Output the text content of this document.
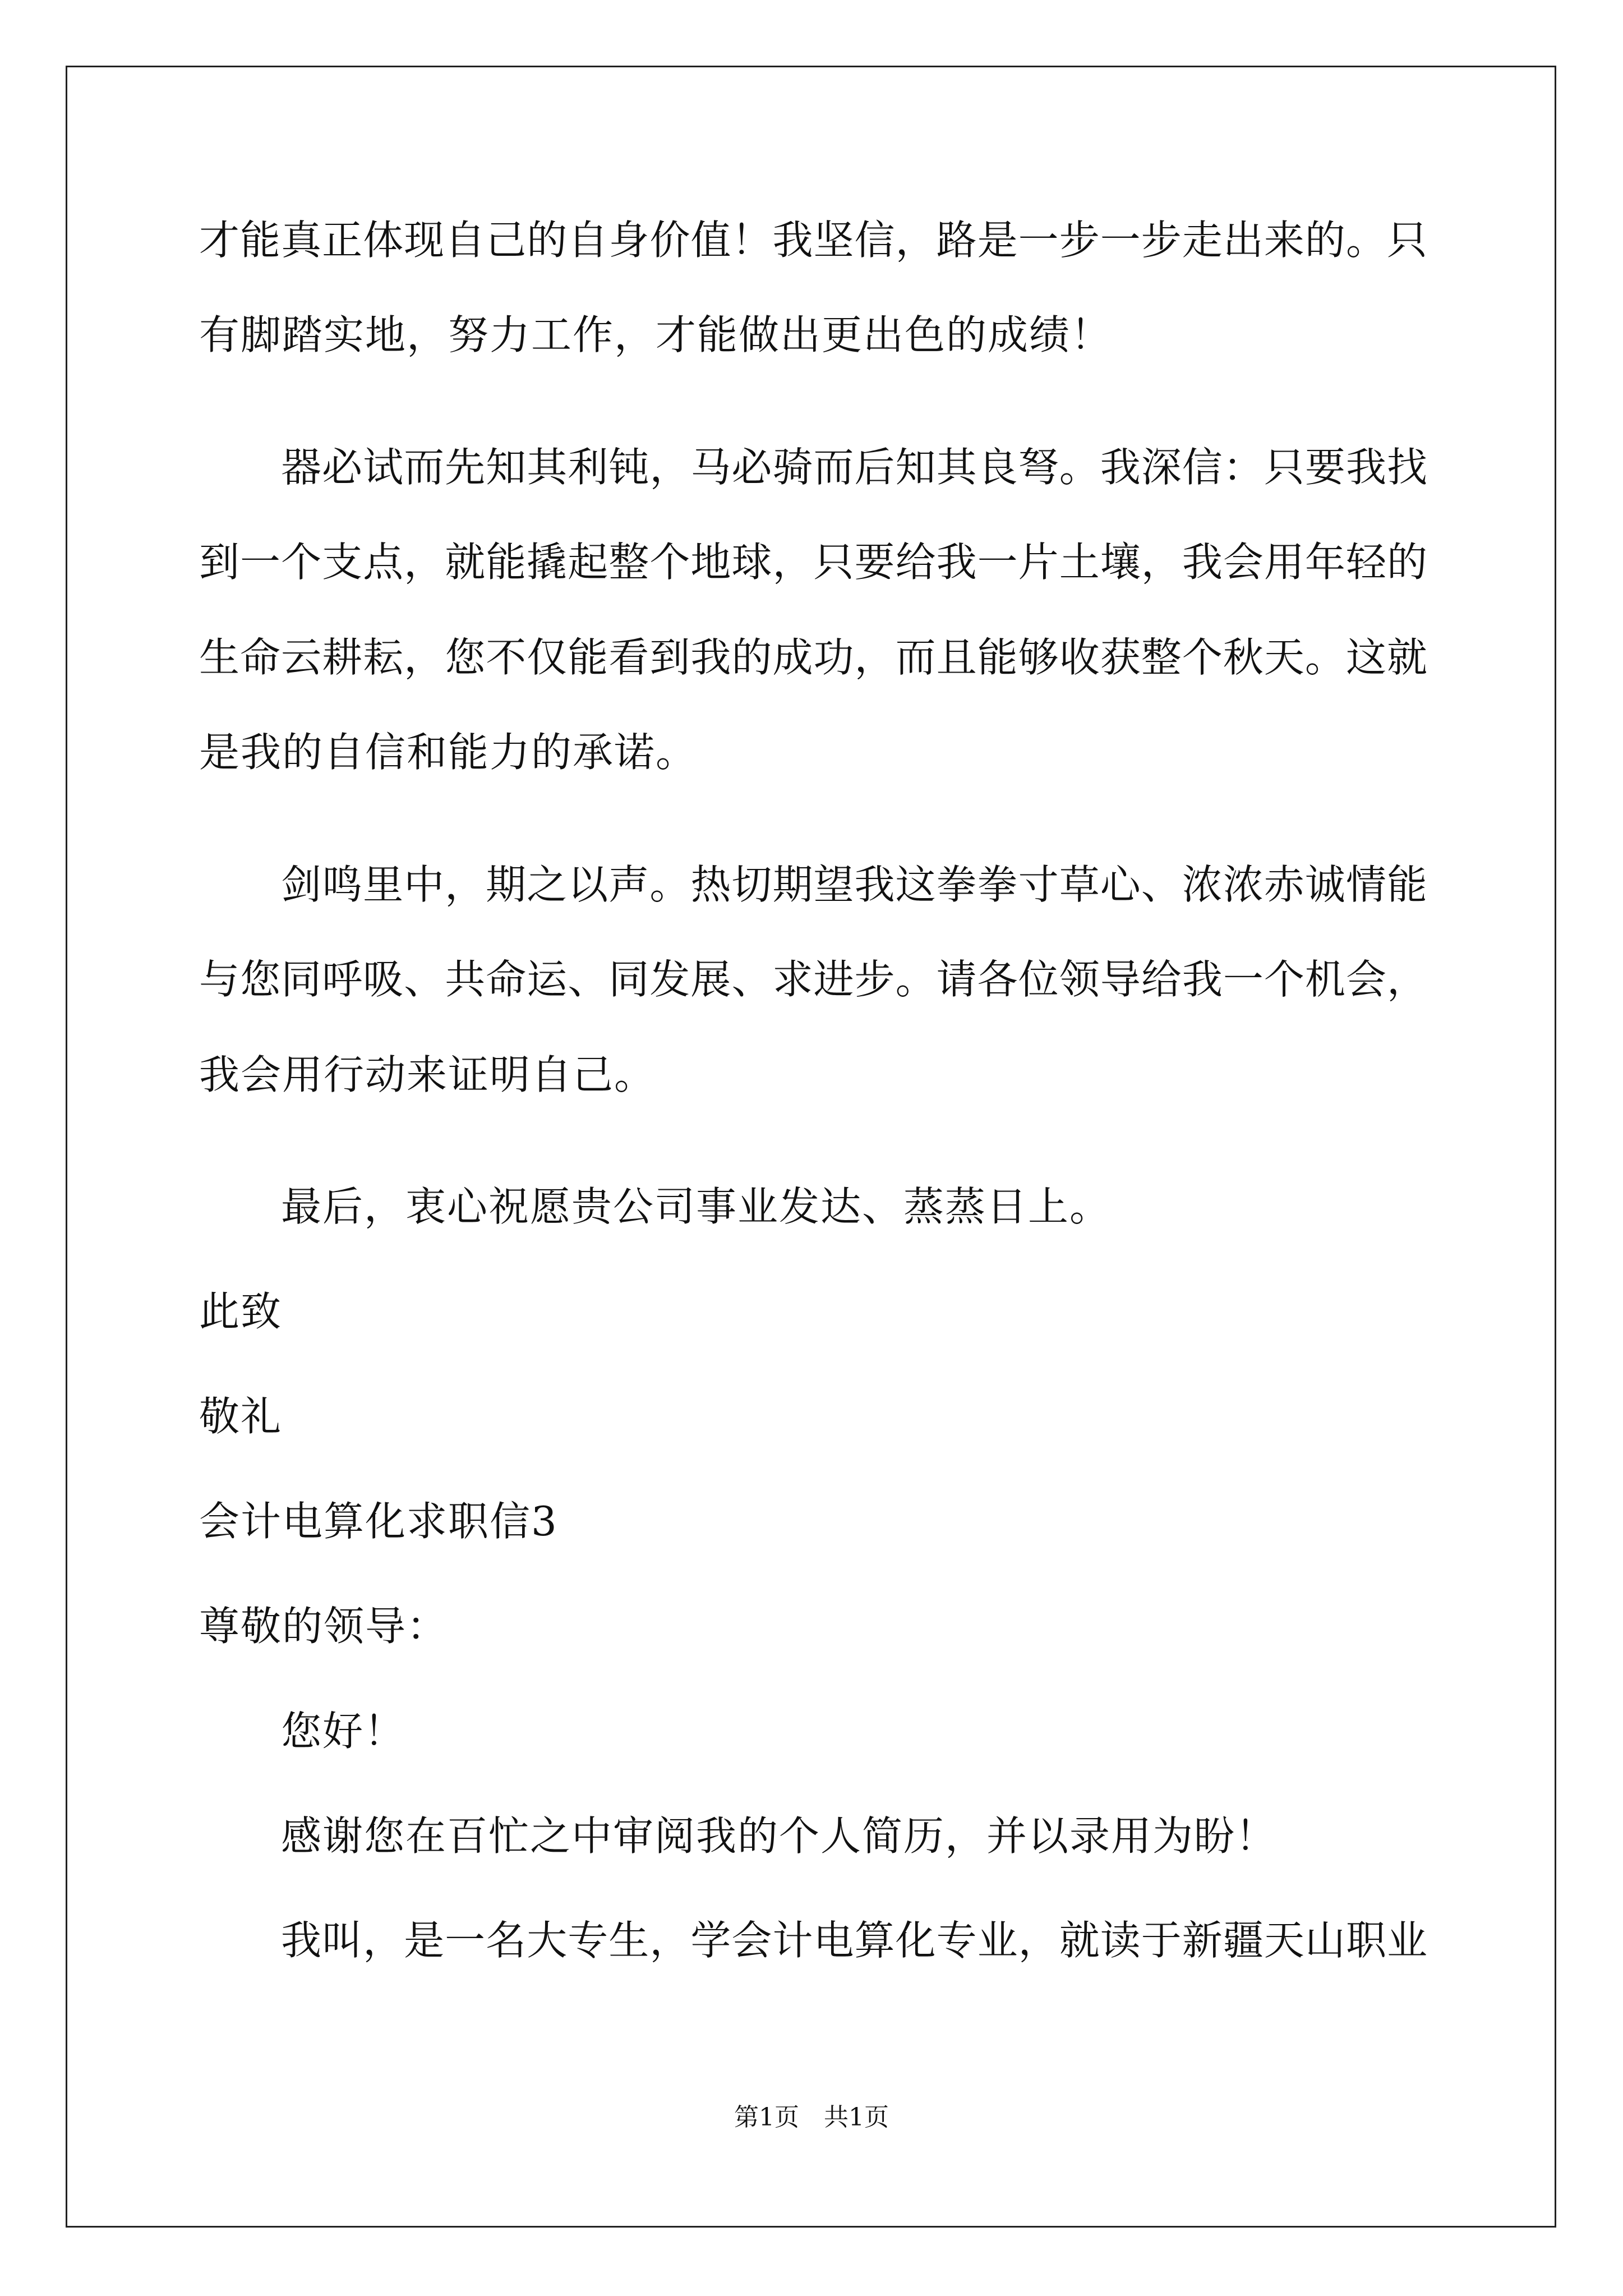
才能真正体现自己的自身价值！我坚信，路是一步一步走出来的。只
有脚踏实地，努力工作，才能做出更出色的成绩！
器必试而先知其利钝，马必骑而后知其良弩。我深信：只要我找
到一个支点，就能撬起整个地球，只要给我一片土壤，我会用年轻的
生命云耕耘，您不仅能看到我的成功，而且能够收获整个秋天。这就
是我的自信和能力的承诺。
剑鸣里中，期之以声。热切期望我这拳拳寸草心、浓浓赤诚情能
与您同呼吸、共命运、同发展、求进步。请各位领导给我一个机会，
我会用行动来证明自己。
最后，衷心祝愿贵公司事业发达、蒸蒸日上。
此致
敬礼
会计电算化求职信3
尊敬的领导：
您好！
感谢您在百忙之中审阅我的个人简历，并以录用为盼！
我叫，是一名大专生，学会计电算化专业，就读于新疆天山职业
第1页　共1页
